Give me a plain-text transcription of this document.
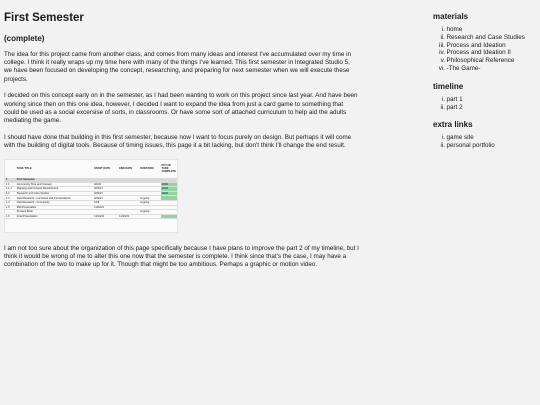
First Semester
(complete)

The idea for this project came from another class, and comes from many ideas and interest I've accumulated over my time in college. I think it really wraps up my time here with many of the things I've learned. This first semester in Integrated Studio 5, we have been focused on developing the concept, researching, and preparing for next semester when we will execute these projects.

I decided on this concept early on in the semester, as I had been wanting to work on this project since last year. And have been working since then on this one idea, however, I decided I want to expand the idea from just a card game to something that could be used as a social excersise of sorts, in classrooms. Or have some sort of attached curriculum to help aid the adults mediating the game.

I should have done that building in this first semester, because now I want to focus purely on design. But perhaps it will come with the building of digital tools. Because of timing issues, this page it a bit lacking, but don't think I'll change the end result.

	TASK TITLE	START DATE	END DATE	DURATION	PCT OF TASK COMPLETE
1	First Semester				
1.1	Community Time and Concept	9/2/21			100%
1.1.1	Mapping and Concept Development	9/20/21			100%
1.2	Research and Case Studies	9/20/21			100%
1.3	Field Research - Interviews and Conversations	9/30/21		ongoing	
1.4	Field Research - Community	10/8		ongoing	
1.5	Mid Presentation	11/20/21			
	Process Book			ongoing	
1.6	Final Presentation	12/13/21	12/16/21		

I am not too sure about the organization of this page specifically because I have plans to improve the part 2 of my timeline, but I think it would be wrong of me to alter this one now that the semester is complete. I think since that's the case, I may have a combination of the two to make up for it. Though that might be too ambitious. Perhaps a graphic or motion video.

materials
i. home
ii. Research and Case Studies
iii. Process and Ideation
iv. Process and Ideation II
v. Philosophical Reference
vi. -The Game-
timeline
i. part 1
ii. part 2
extra links
i. game site
ii. personal portfolio
